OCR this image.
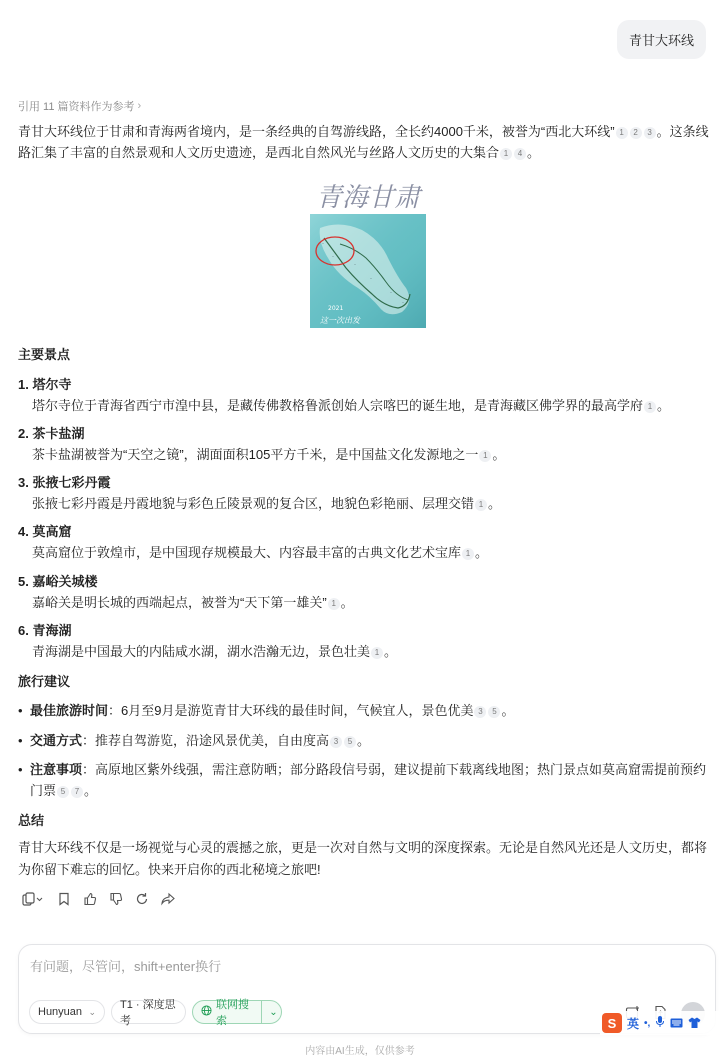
青甘大环线
引用 11 篇资料作为参考 ›
青甘大环线位于甘肃和青海两省境内，是一条经典的自驾游线路，全长约4000千米，被誉为“西北大环线” 1 2 3 。这条线路汇集了丰富的自然景观和人文历史遗迹，是西北自然风光与丝路人文历史的大集合 1 4 。
青海甘肃
··
··
··
··
··
··
2021
这一次出发
主要景点
1. 塔尔寺
塔尔寺位于青海省西宁市湟中县，是藏传佛教格鲁派创始人宗喀巴的诞生地，是青海藏区佛学界的最高学府 1 。
2. 茶卡盐湖
茶卡盐湖被誉为“天空之镜”，湖面面积105平方千米，是中国盐文化发源地之一 1 。
3. 张掖七彩丹霞
张掖七彩丹霞是丹霞地貌与彩色丘陵景观的复合区，地貌色彩艳丽、层理交错 1 。
4. 莫高窟
莫高窟位于敦煌市，是中国现存规模最大、内容最丰富的古典文化艺术宝库 1 。
5. 嘉峪关城楼
嘉峪关是明长城的西端起点，被誉为“天下第一雄关” 1 。
6. 青海湖
青海湖是中国最大的内陆咸水湖，湖水浩瀚无边，景色壮美 1 。
旅行建议
• 最佳旅游时间：6月至9月是游览青甘大环线的最佳时间，气候宜人，景色优美 3 5 。
• 交通方式：推荐自驾游览，沿途风景优美，自由度高 3 5 。
• 注意事项：高原地区紫外线强，需注意防晒；部分路段信号弱，建议提前下载离线地图；热门景点如莫高窟需提前预约门票 5 7 。
总结
青甘大环线不仅是一场视觉与心灵的震撼之旅，更是一次对自然与文明的深度探索。无论是自然风光还是人文历史，都将为你留下难忘的回忆。快来开启你的西北秘境之旅吧!
有问题，尽管问，shift+enter换行
Hunyuan ⌄
T1 · 深度思考
联网搜索
⌄
S 英 •,
内容由AI生成，仅供参考
